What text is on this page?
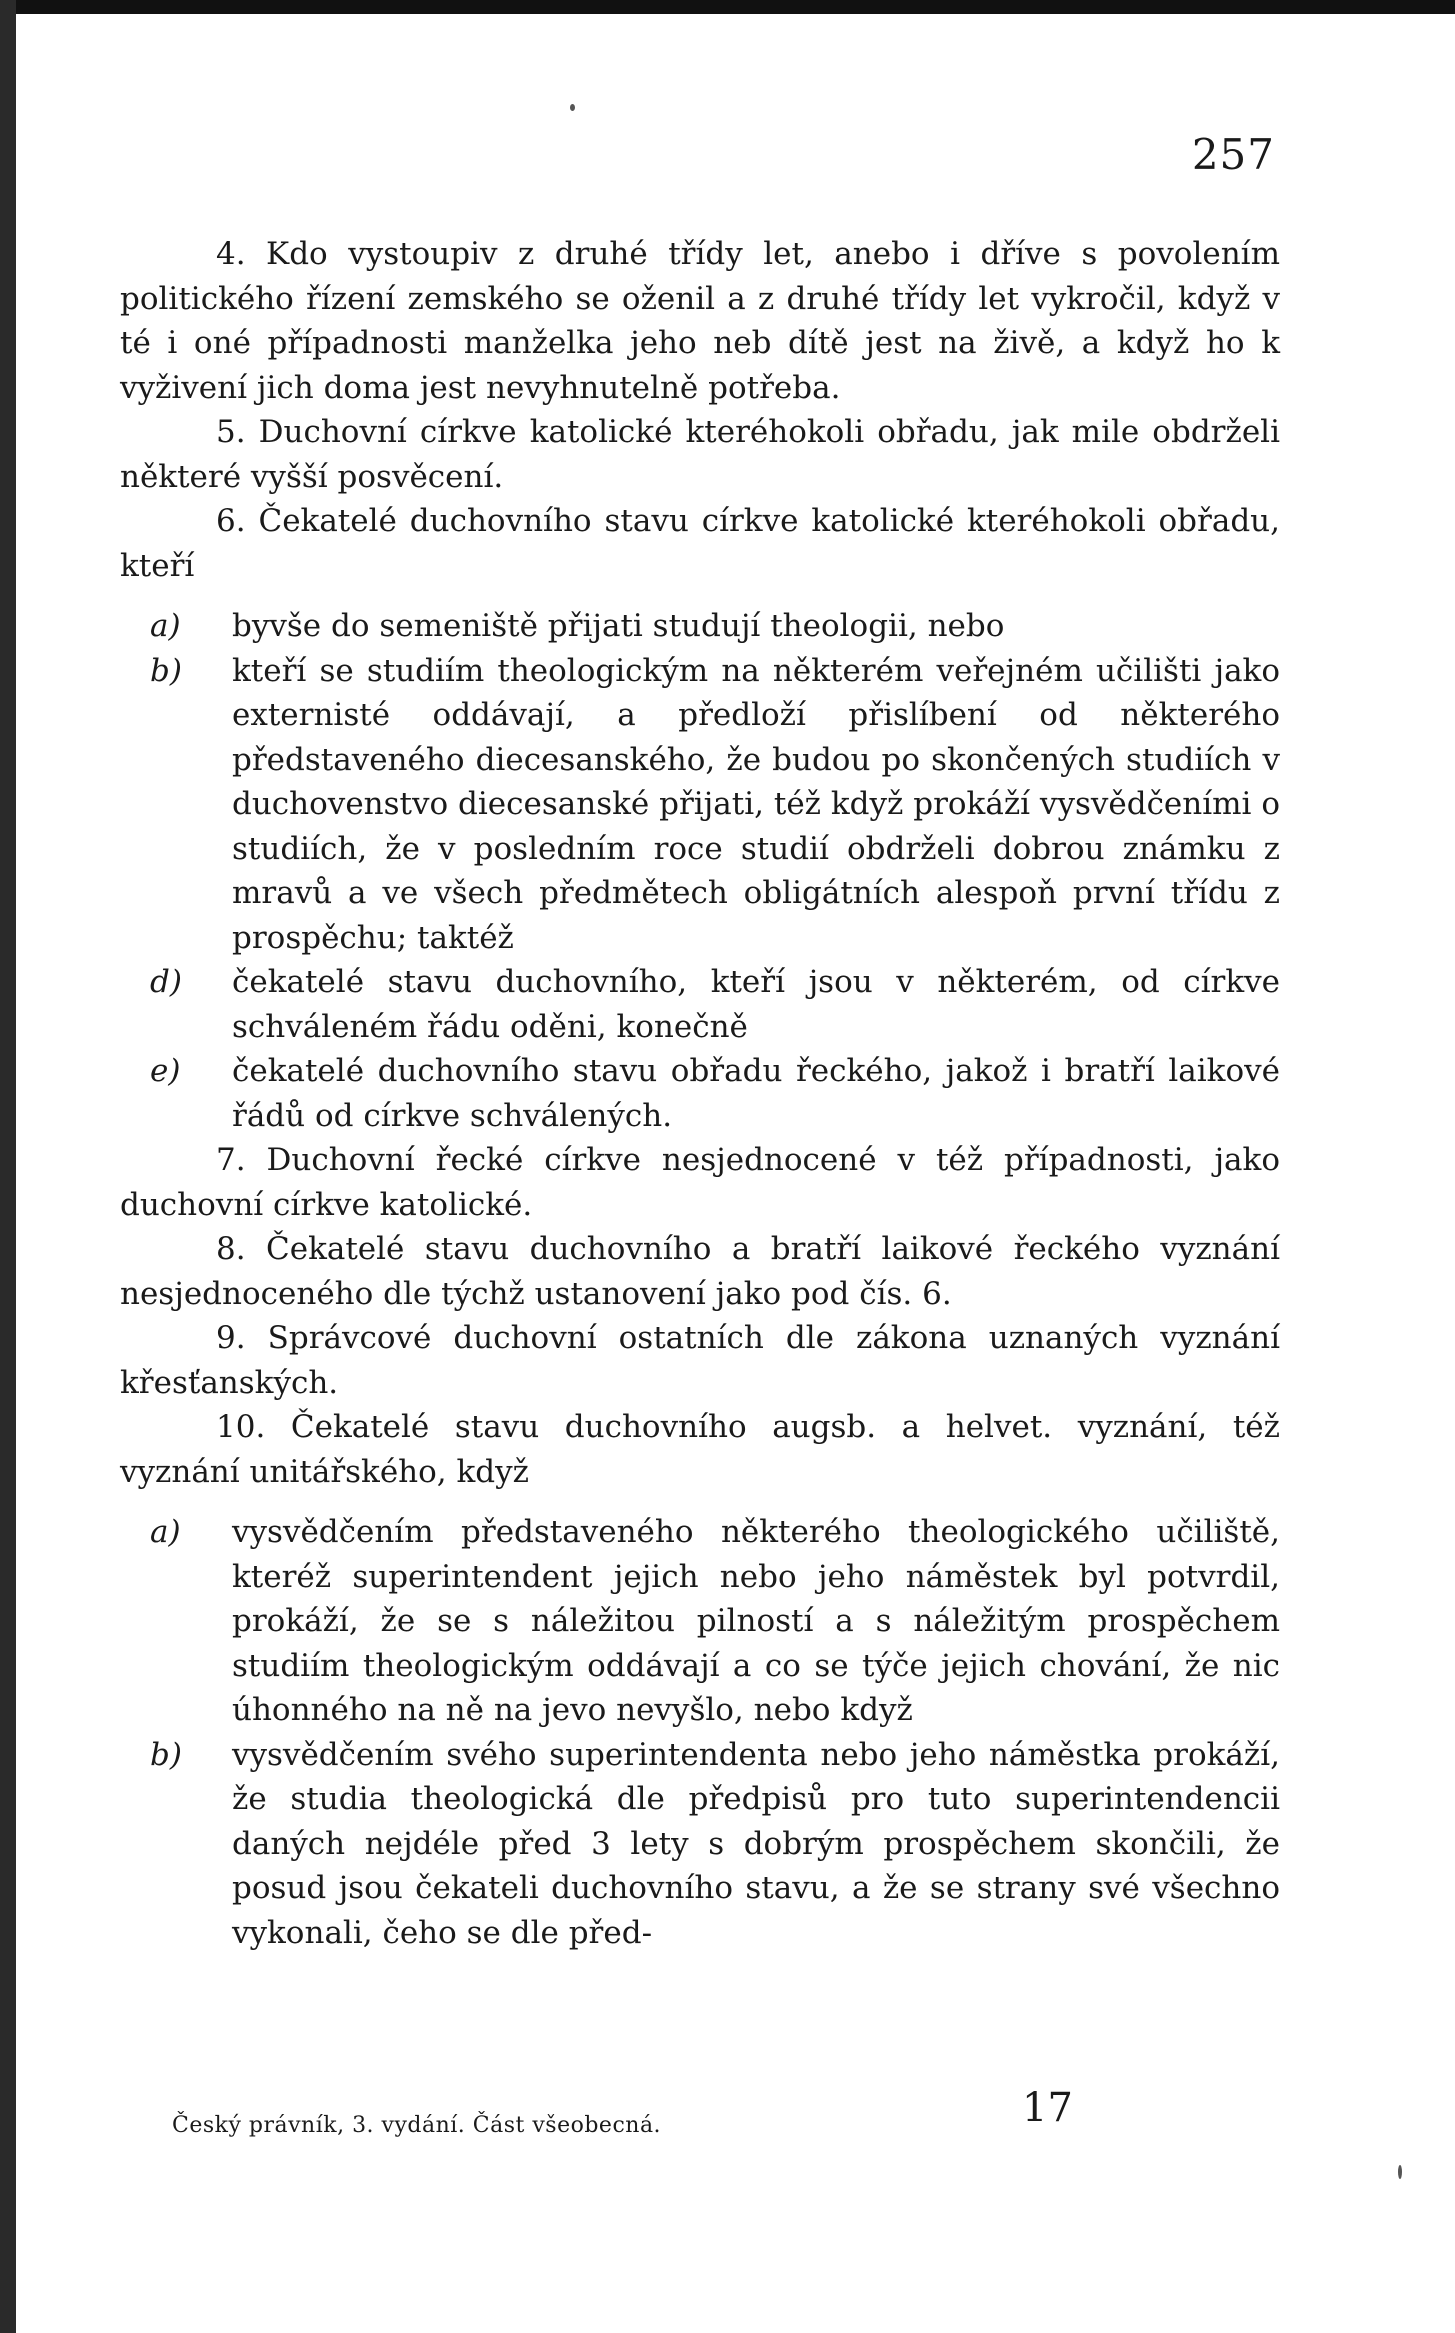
257

4. Kdo vystoupiv z druhé třídy let, anebo i dříve s povolením politického řízení zemského se oženil a z druhé třídy let vykročil, když v té i oné případnosti manželka jeho neb dítě jest na živě, a když ho k vyživení jich doma jest nevyhnutelně potřeba.

5. Duchovní církve katolické kteréhokoli obřadu, jak mile obdrželi některé vyšší posvěcení.

6. Čekatelé duchovního stavu církve katolické kteréhokoli obřadu, kteří

a) byvše do semeniště přijati studují theologii, nebo
b) kteří se studiím theologickým na některém veřejném učilišti jako externisté oddávají, a předloží přislíbení od některého představeného diecesanského, že budou po skončených studiích v duchovenstvo diecesanské přijati, též když prokáží vysvědčeními o studiích, že v posledním roce studií obdrželi dobrou známku z mravů a ve všech předmětech obligátních alespoň první třídu z prospěchu; taktéž
d) čekatelé stavu duchovního, kteří jsou v některém, od církve schváleném řádu oděni, konečně
e) čekatelé duchovního stavu obřadu řeckého, jakož i bratří laikové řádů od církve schválených.

7. Duchovní řecké církve nesjednocené v též případnosti, jako duchovní církve katolické.

8. Čekatelé stavu duchovního a bratří laikové řeckého vyznání nesjednoceného dle týchž ustanovení jako pod čís. 6.

9. Správcové duchovní ostatních dle zákona uznaných vyznání křesťanských.

10. Čekatelé stavu duchovního augsb. a helvet. vyznání, též vyznání unitářského, když

a) vysvědčením představeného některého theologického učiliště, kteréž superintendent jejich nebo jeho náměstek byl potvrdil, prokáží, že se s náležitou pilností a s náležitým prospěchem studiím theologickým oddávají a co se týče jejich chování, že nic úhonného na ně na jevo nevyšlo, nebo když
b) vysvědčením svého superintendenta nebo jeho náměstka prokáží, že studia theologická dle předpisů pro tuto superintendencii daných nejdéle před 3 lety s dobrým prospěchem skončili, že posud jsou čekateli duchovního stavu, a že se strany své všechno vykonali, čeho se dle před-
Český právník, 3. vydání. Část všeobecná.	17
